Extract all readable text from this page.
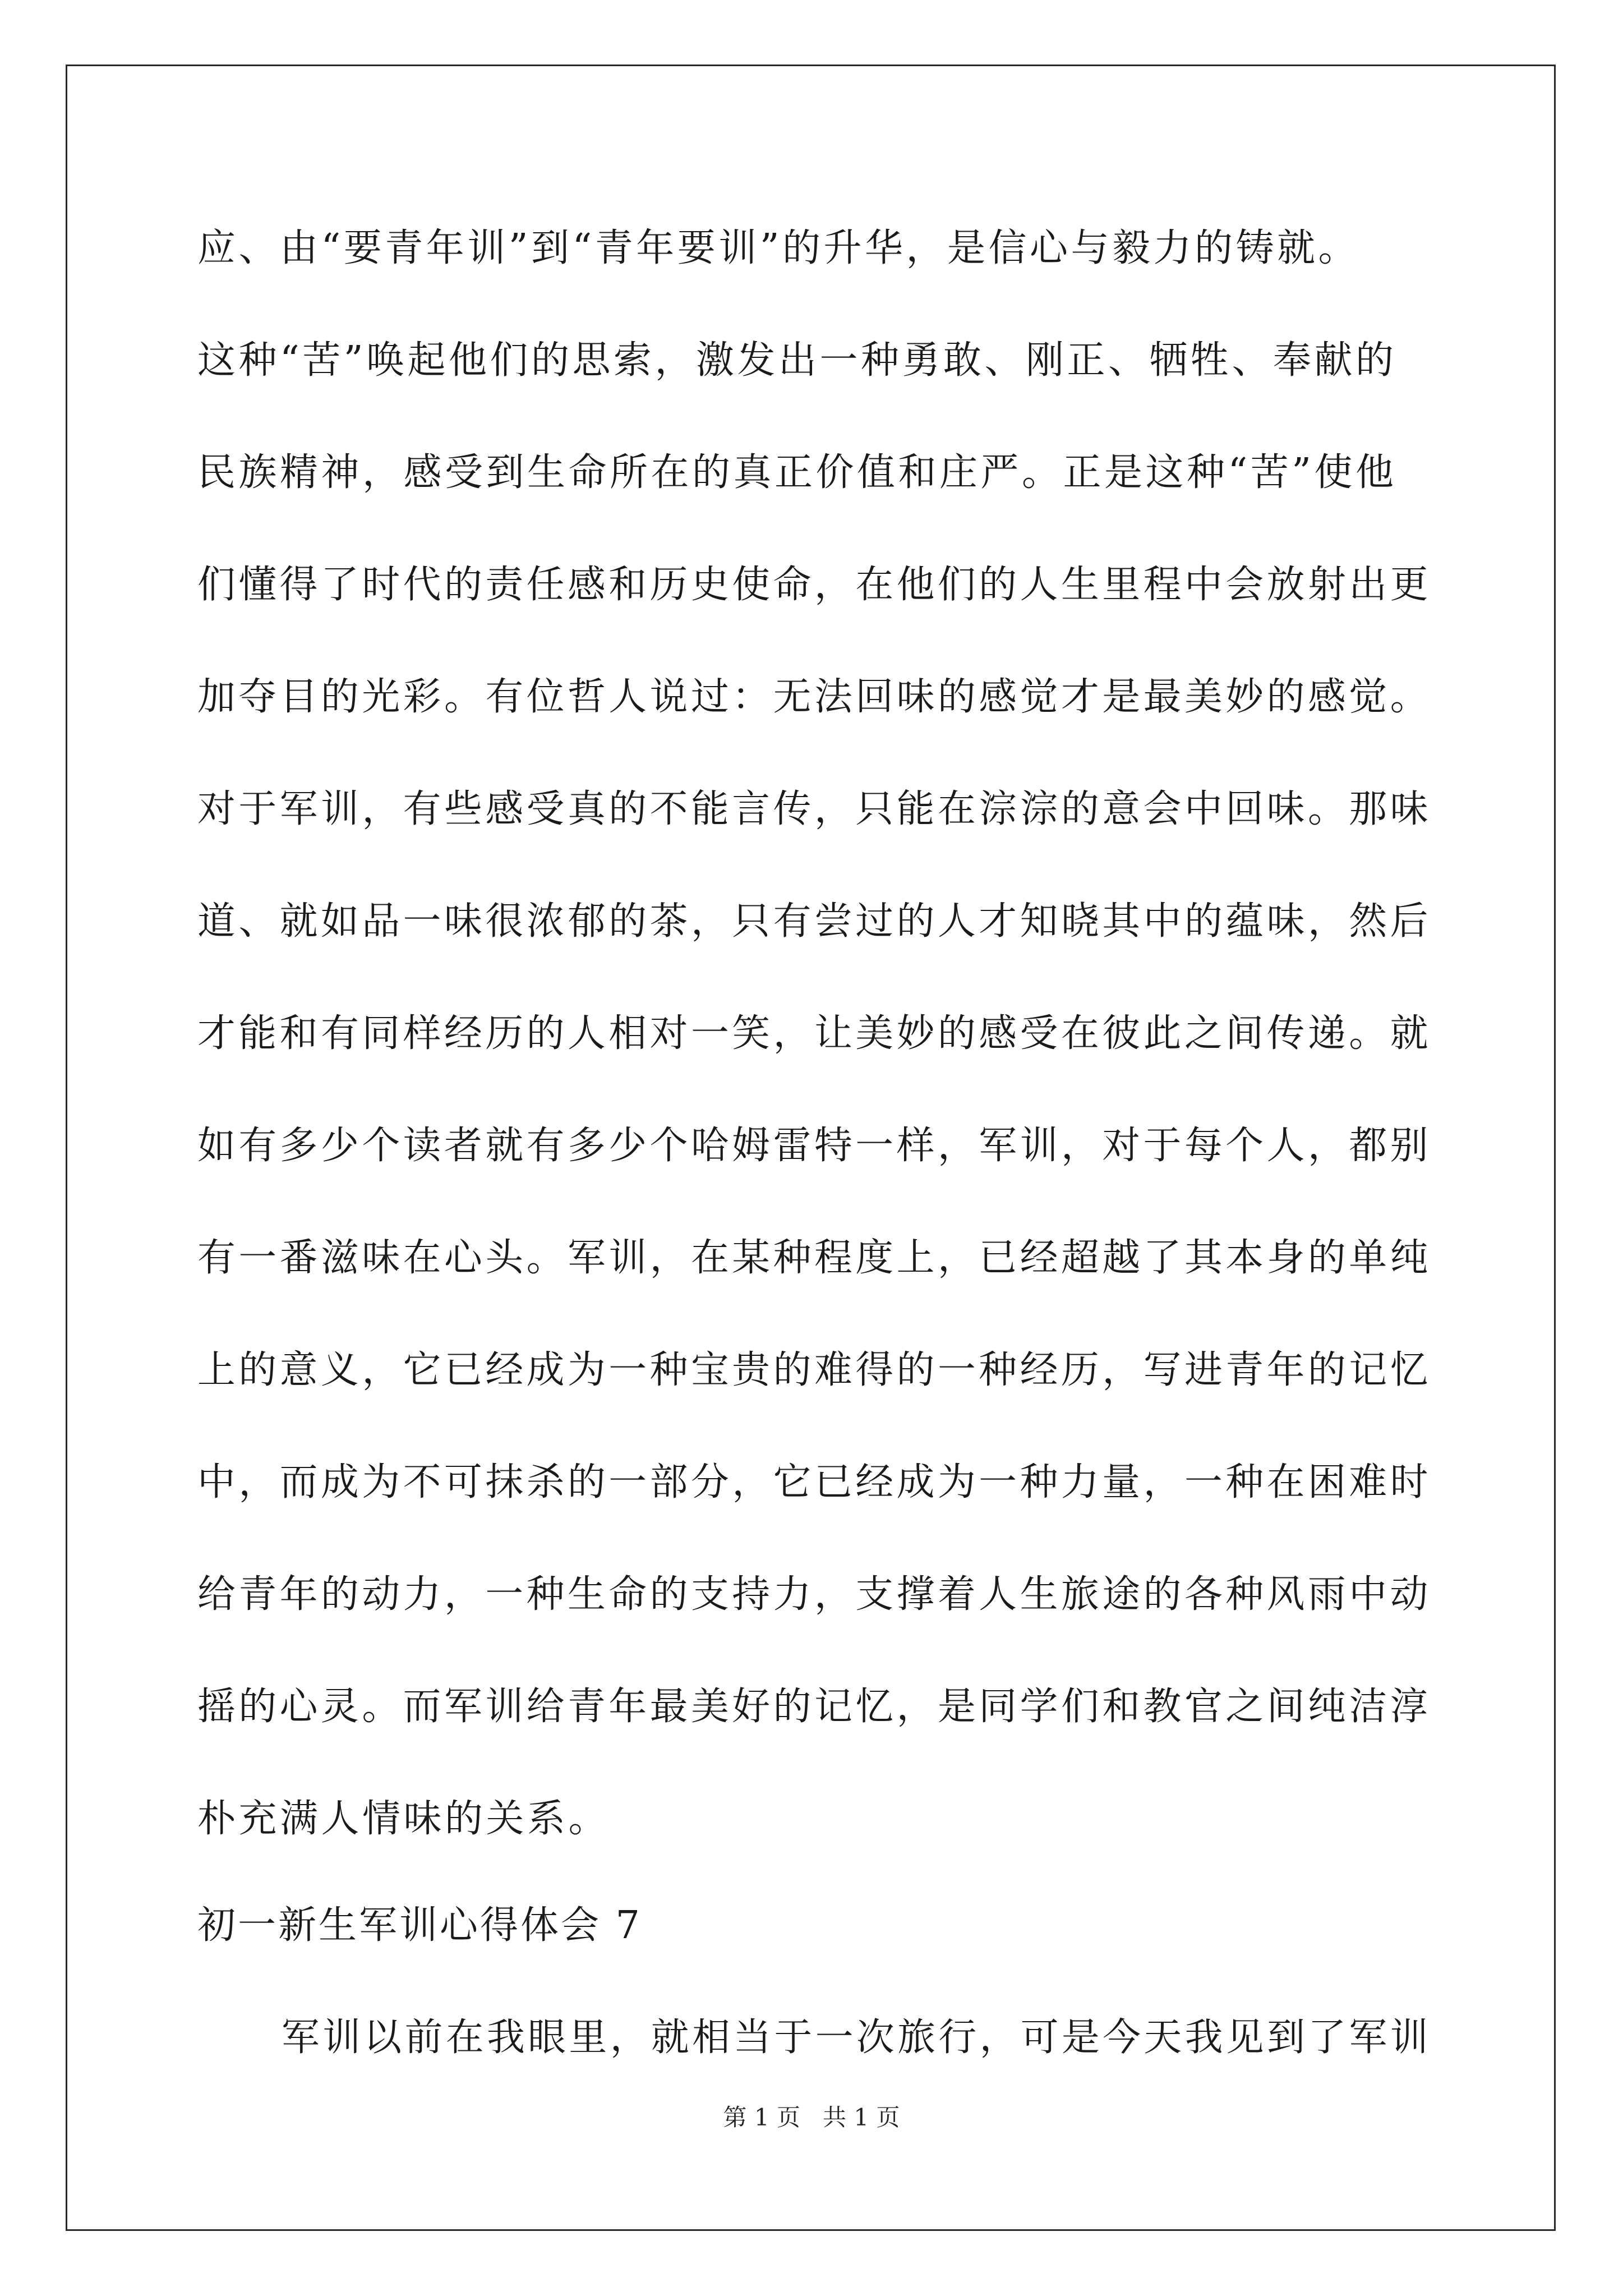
应、由“要青年训”到“青年要训”的升华，是信心与毅力的铸就。
这种“苦”唤起他们的思索，激发出一种勇敢、刚正、牺牲、奉献的
民族精神，感受到生命所在的真正价值和庄严。正是这种“苦”使他
们懂得了时代的责任感和历史使命，在他们的人生里程中会放射出更
加夺目的光彩。有位哲人说过：无法回味的感觉才是最美妙的感觉。
对于军训，有些感受真的不能言传，只能在淙淙的意会中回味。那味
道、就如品一味很浓郁的茶，只有尝过的人才知晓其中的蕴味，然后
才能和有同样经历的人相对一笑，让美妙的感受在彼此之间传递。就
如有多少个读者就有多少个哈姆雷特一样，军训，对于每个人，都别
有一番滋味在心头。军训，在某种程度上，已经超越了其本身的单纯
上的意义，它已经成为一种宝贵的难得的一种经历，写进青年的记忆
中，而成为不可抹杀的一部分，它已经成为一种力量，一种在困难时
给青年的动力，一种生命的支持力，支撑着人生旅途的各种风雨中动
摇的心灵。而军训给青年最美好的记忆，是同学们和教官之间纯洁淳
朴充满人情味的关系。
初一新生军训心得体会 7
军训以前在我眼里，就相当于一次旅行，可是今天我见到了军训
第 1 页   共 1 页
